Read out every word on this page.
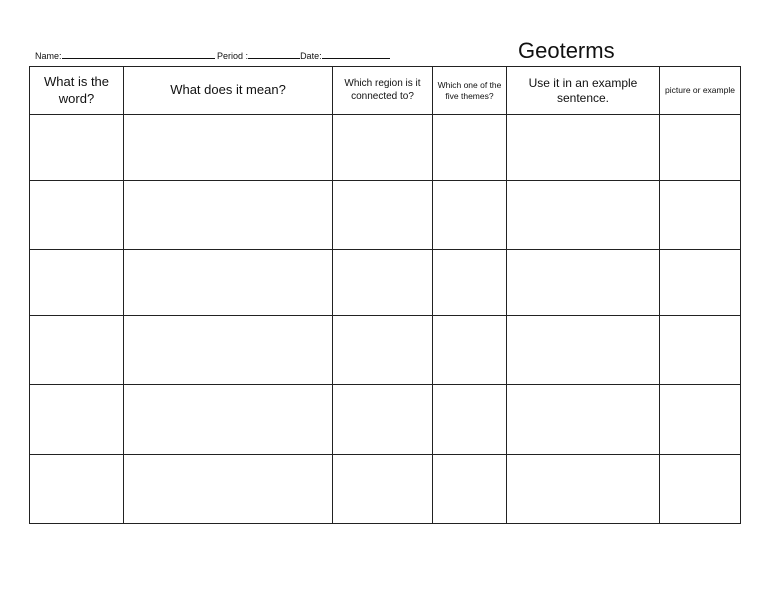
Name:	Period :	Date:	Geoterms
What is the word?	What does it mean?	Which region is it connected to?	Which one of the five themes?	Use it in an example sentence.	picture or example
